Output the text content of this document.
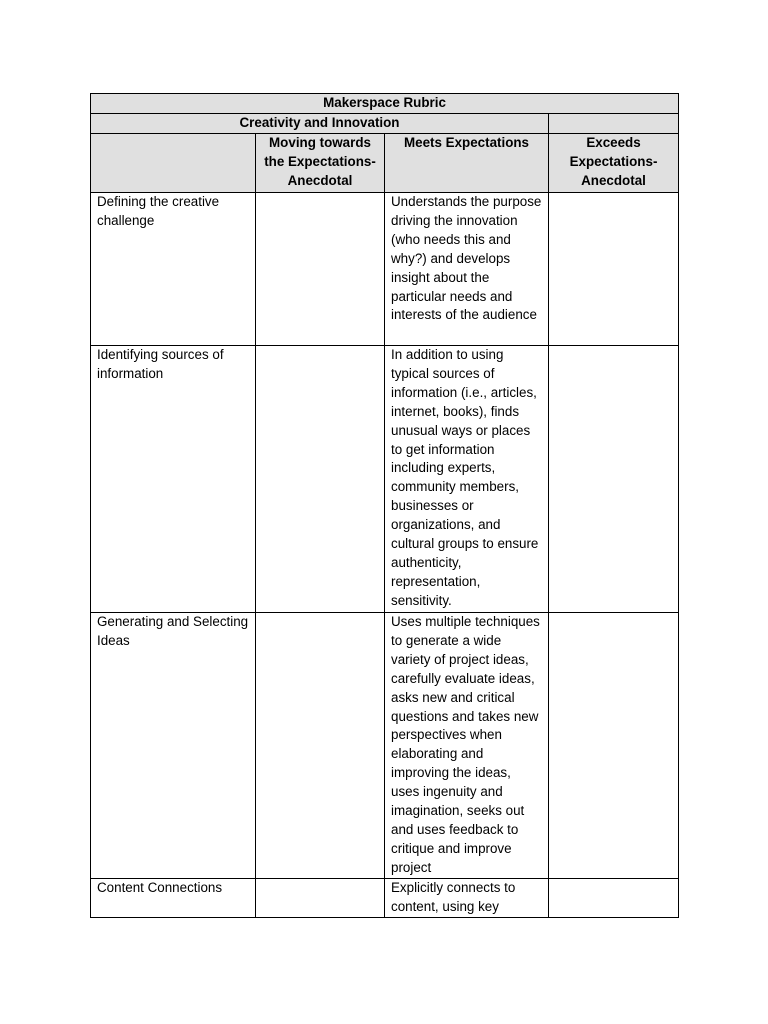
Makerspace Rubric			
Creativity and Innovation			
	Moving towards the Expectations-Anecdotal	Meets Expectations	Exceeds Expectations-Anecdotal
Defining the creative challenge		Understands the purpose driving the innovation (who needs this and why?) and develops insight about the particular needs and interests of the audience	
Identifying sources of information		In addition to using typical sources of information (i.e., articles, internet, books), finds unusual ways or places to get information including experts, community members, businesses or organizations, and cultural groups to ensure authenticity, representation, sensitivity.	
Generating and Selecting Ideas		Uses multiple techniques to generate a wide variety of project ideas, carefully evaluate ideas, asks new and critical questions and takes new perspectives when elaborating and improving the ideas, uses ingenuity and imagination, seeks out and uses feedback to critique and improve project	
Content Connections		Explicitly connects to content, using key	
